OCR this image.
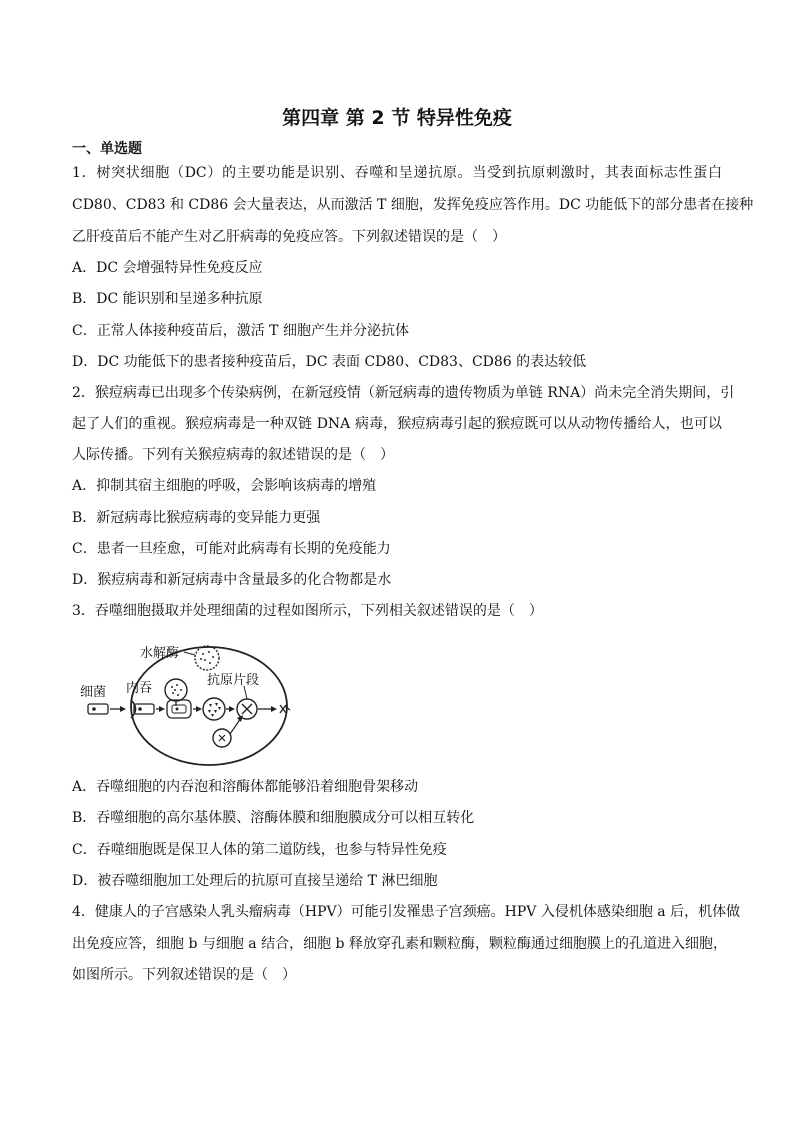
第四章 第 2 节 特异性免疫
一、单选题
1．树突状细胞（DC）的主要功能是识别、吞噬和呈递抗原。当受到抗原刺激时，其表面标志性蛋白
CD80、CD83 和 CD86 会大量表达，从而激活 T 细胞，发挥免疫应答作用。DC 功能低下的部分患者在接种
乙肝疫苗后不能产生对乙肝病毒的免疫应答。下列叙述错误的是（　）
A．DC 会增强特异性免疫反应
B．DC 能识别和呈递多种抗原
C．正常人体接种疫苗后，激活 T 细胞产生并分泌抗体
D．DC 功能低下的患者接种疫苗后，DC 表面 CD80、CD83、CD86 的表达较低
2．猴痘病毒已出现多个传染病例，在新冠疫情（新冠病毒的遗传物质为单链 RNA）尚未完全消失期间，引
起了人们的重视。猴痘病毒是一种双链 DNA 病毒，猴痘病毒引起的猴痘既可以从动物传播给人，也可以
人际传播。下列有关猴痘病毒的叙述错误的是（　）
A．抑制其宿主细胞的呼吸，会影响该病毒的增殖
B．新冠病毒比猴痘病毒的变异能力更强
C．患者一旦痊愈，可能对此病毒有长期的免疫能力
D．猴痘病毒和新冠病毒中含量最多的化合物都是水
3．吞噬细胞摄取并处理细菌的过程如图所示，下列相关叙述错误的是（　）
水解酶
细菌 内吞
抗原片段
A．吞噬细胞的内吞泡和溶酶体都能够沿着细胞骨架移动
B．吞噬细胞的高尔基体膜、溶酶体膜和细胞膜成分可以相互转化
C．吞噬细胞既是保卫人体的第二道防线，也参与特异性免疫
D．被吞噬细胞加工处理后的抗原可直接呈递给 T 淋巴细胞
4．健康人的子宫感染人乳头瘤病毒（HPV）可能引发罹患子宫颈癌。HPV 入侵机体感染细胞 a 后，机体做
出免疫应答，细胞 b 与细胞 a 结合，细胞 b 释放穿孔素和颗粒酶，颗粒酶通过细胞膜上的孔道进入细胞，
如图所示。下列叙述错误的是（　）
